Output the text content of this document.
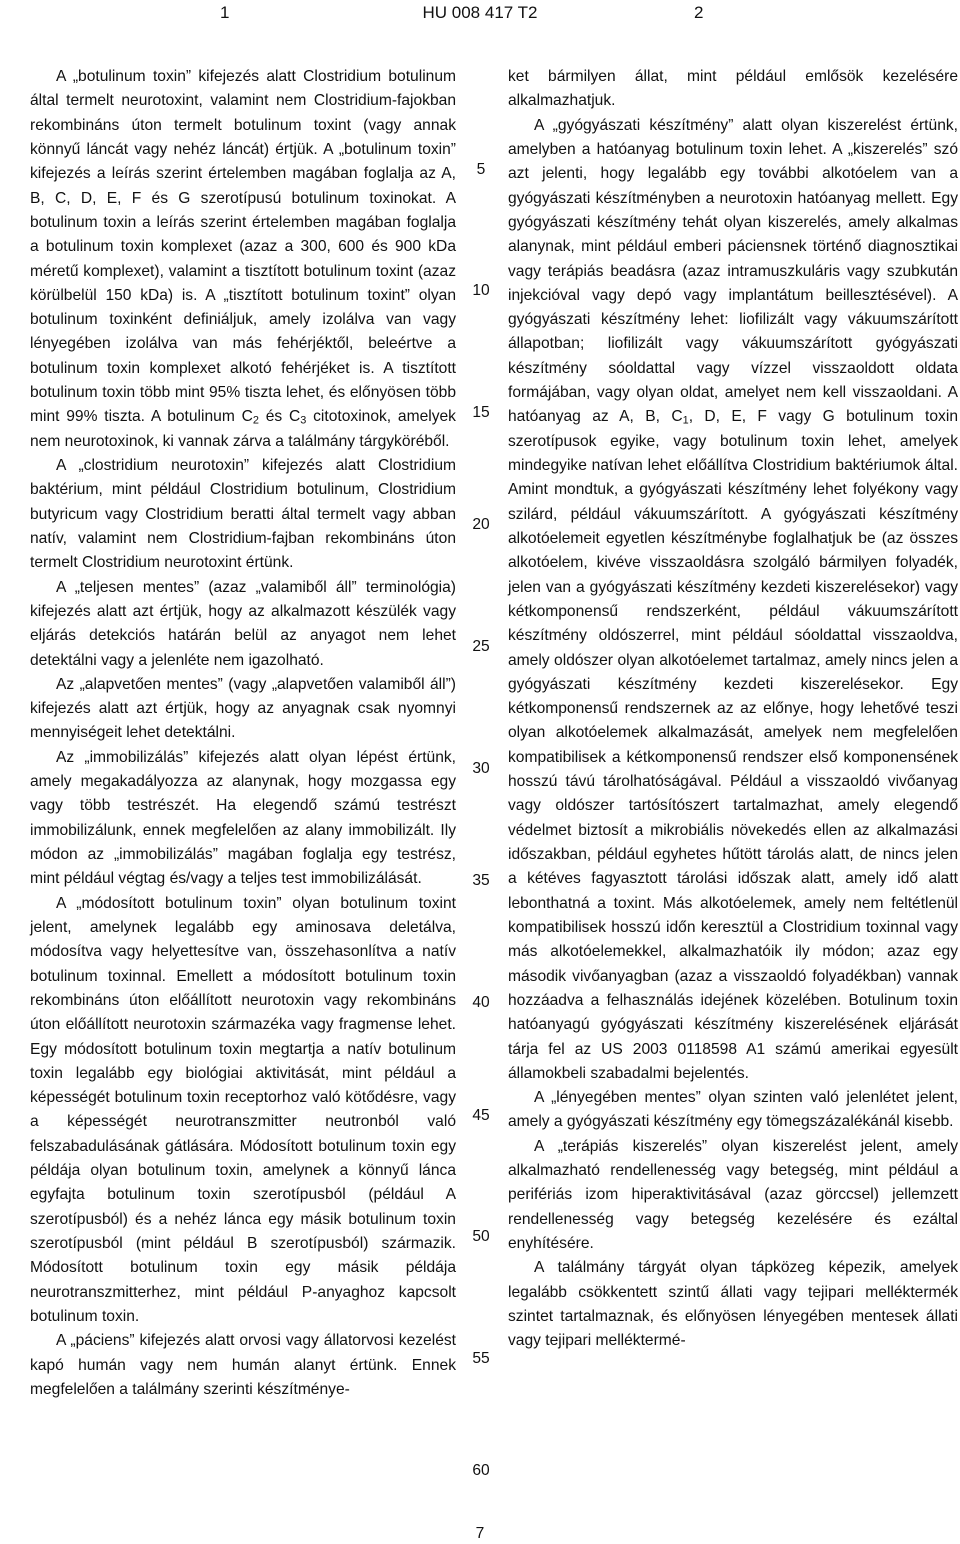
1	HU 008 417 T2	2

A „botulinum toxin” kifejezés alatt Clostridium botulinum által termelt neurotoxint, valamint nem Clostridium-fajokban rekombináns úton termelt botulinum toxint (vagy annak könnyű láncát vagy nehéz láncát) értjük. A „botulinum toxin” kifejezés a leírás szerint értelemben magában foglalja az A, B, C, D, E, F és G szerotípusú botulinum toxinokat. A botulinum toxin a leírás szerint értelemben magában foglalja a botulinum toxin komplexet (azaz a 300, 600 és 900 kDa méretű komplexet), valamint a tisztított botulinum toxint (azaz körülbelül 150 kDa) is. A „tisztított botulinum toxint” olyan botulinum toxinként definiáljuk, amely izolálva van vagy lényegében izolálva van más fehérjéktől, beleértve a botulinum toxin komplexet alkotó fehérjéket is. A tisztított botulinum toxin több mint 95% tiszta lehet, és előnyösen több mint 99% tiszta. A botulinum $C_2$ és $C_3$ citotoxinok, amelyek nem neurotoxinok, ki vannak zárva a találmány tárgyköréből.

A „clostridium neurotoxin” kifejezés alatt Clostridium baktérium, mint például Clostridium botulinum, Clostridium butyricum vagy Clostridium beratti által termelt vagy abban natív, valamint nem Clostridium-fajban rekombináns úton termelt Clostridium neurotoxint értünk.

A „teljesen mentes” (azaz „valamiből áll” terminológia) kifejezés alatt azt értjük, hogy az alkalmazott készülék vagy eljárás detekciós határán belül az anyagot nem lehet detektálni vagy a jelenléte nem igazolható.

Az „alapvetően mentes” (vagy „alapvetően valamiből áll”) kifejezés alatt azt értjük, hogy az anyagnak csak nyomnyi mennyiségeit lehet detektálni.

Az „immobilizálás” kifejezés alatt olyan lépést értünk, amely megakadályozza az alanynak, hogy mozgassa egy vagy több testrészét. Ha elegendő számú testrészt immobilizálunk, ennek megfelelően az alany immobilizált. Ily módon az „immobilizálás” magában foglalja egy testrész, mint például végtag és/vagy a teljes test immobilizálását.

A „módosított botulinum toxin” olyan botulinum toxint jelent, amelynek legalább egy aminosava deletálva, módosítva vagy helyettesítve van, összehasonlítva a natív botulinum toxinnal. Emellett a módosított botulinum toxin rekombináns úton előállított neurotoxin vagy rekombináns úton előállított neurotoxin származéka vagy fragmense lehet. Egy módosított botulinum toxin megtartja a natív botulinum toxin legalább egy biológiai aktivitását, mint például a képességét botulinum toxin receptorhoz való kötődésre, vagy a képességét neurotranszmitter neutronból való felszabadulásának gátlására. Módosított botulinum toxin egy példája olyan botulinum toxin, amelynek a könnyű lánca egyfajta botulinum toxin szerotípusból (például A szerotípusból) és a nehéz lánca egy másik botulinum toxin szerotípusból (mint például B szerotípusból) származik. Módosított botulinum toxin egy másik példája neurotranszmitterhez, mint például P-anyaghoz kapcsolt botulinum toxin.

A „páciens” kifejezés alatt orvosi vagy állatorvosi kezelést kapó humán vagy nem humán alanyt értünk. Ennek megfelelően a találmány szerinti készítménye-

5
10
15
20
25
30
35
40
45
50
55
60

ket bármilyen állat, mint például emlősök kezelésére alkalmazhatjuk.

A „gyógyászati készítmény” alatt olyan kiszerelést értünk, amelyben a hatóanyag botulinum toxin lehet. A „kiszerelés” szó azt jelenti, hogy legalább egy további alkotóelem van a gyógyászati készítményben a neurotoxin hatóanyag mellett. Egy gyógyászati készítmény tehát olyan kiszerelés, amely alkalmas alanynak, mint például emberi páciensnek történő diagnosztikai vagy terápiás beadásra (azaz intramuszkuláris vagy szubkután injekcióval vagy depó vagy implantátum beillesztésével). A gyógyászati készítmény lehet: liofilizált vagy vákuumszárított állapotban; liofilizált vagy vákuumszárított gyógyászati készítmény sóoldattal vagy vízzel visszaoldott oldata formájában, vagy olyan oldat, amelyet nem kell visszaoldani. A hatóanyag az A, B, $C_1$, D, E, F vagy G botulinum toxin szerotípusok egyike, vagy botulinum toxin lehet, amelyek mindegyike natívan lehet előállítva Clostridium baktériumok által. Amint mondtuk, a gyógyászati készítmény lehet folyékony vagy szilárd, például vákuumszárított. A gyógyászati készítmény alkotóelemeit egyetlen készítménybe foglalhatjuk be (az összes alkotóelem, kivéve visszaoldásra szolgáló bármilyen folyadék, jelen van a gyógyászati készítmény kezdeti kiszerelésekor) vagy kétkomponensű rendszerként, például vákuumszárított készítmény oldószerrel, mint például sóoldattal visszaoldva, amely oldószer olyan alkotóelemet tartalmaz, amely nincs jelen a gyógyászati készítmény kezdeti kiszerelésekor. Egy kétkomponensű rendszernek az az előnye, hogy lehetővé teszi olyan alkotóelemek alkalmazását, amelyek nem megfelelően kompatibilisek a kétkomponensű rendszer első komponensének hosszú távú tárolhatóságával. Például a visszaoldó vivőanyag vagy oldószer tartósítószert tartalmazhat, amely elegendő védelmet biztosít a mikrobiális növekedés ellen az alkalmazási időszakban, például egyhetes hűtött tárolás alatt, de nincs jelen a kétéves fagyasztott tárolási időszak alatt, amely idő alatt lebonthatná a toxint. Más alkotóelemek, amely nem feltétlenül kompatibilisek hosszú időn keresztül a Clostridium toxinnal vagy más alkotóelemekkel, alkalmazhatóik ily módon; azaz egy második vivőanyagban (azaz a visszaoldó folyadékban) vannak hozzáadva a felhasználás idejének közelében. Botulinum toxin hatóanyagú gyógyászati készítmény kiszerelésének eljárását tárja fel az US 2003 0118598 A1 számú amerikai egyesült államokbeli szabadalmi bejelentés.

A „lényegében mentes” olyan szinten való jelenlétet jelent, amely a gyógyászati készítmény egy tömegszázalékánál kisebb.

A „terápiás kiszerelés” olyan kiszerelést jelent, amely alkalmazható rendellenesség vagy betegség, mint például a perifériás izom hiperaktivitásával (azaz görccsel) jellemzett rendellenesség vagy betegség kezelésére és ezáltal enyhítésére.

A találmány tárgyát olyan tápközeg képezik, amelyek legalább csökkentett szintű állati vagy tejipari melléktermék szintet tartalmaznak, és előnyösen lényegében mentesek állati vagy tejipari melléktermé-

7
